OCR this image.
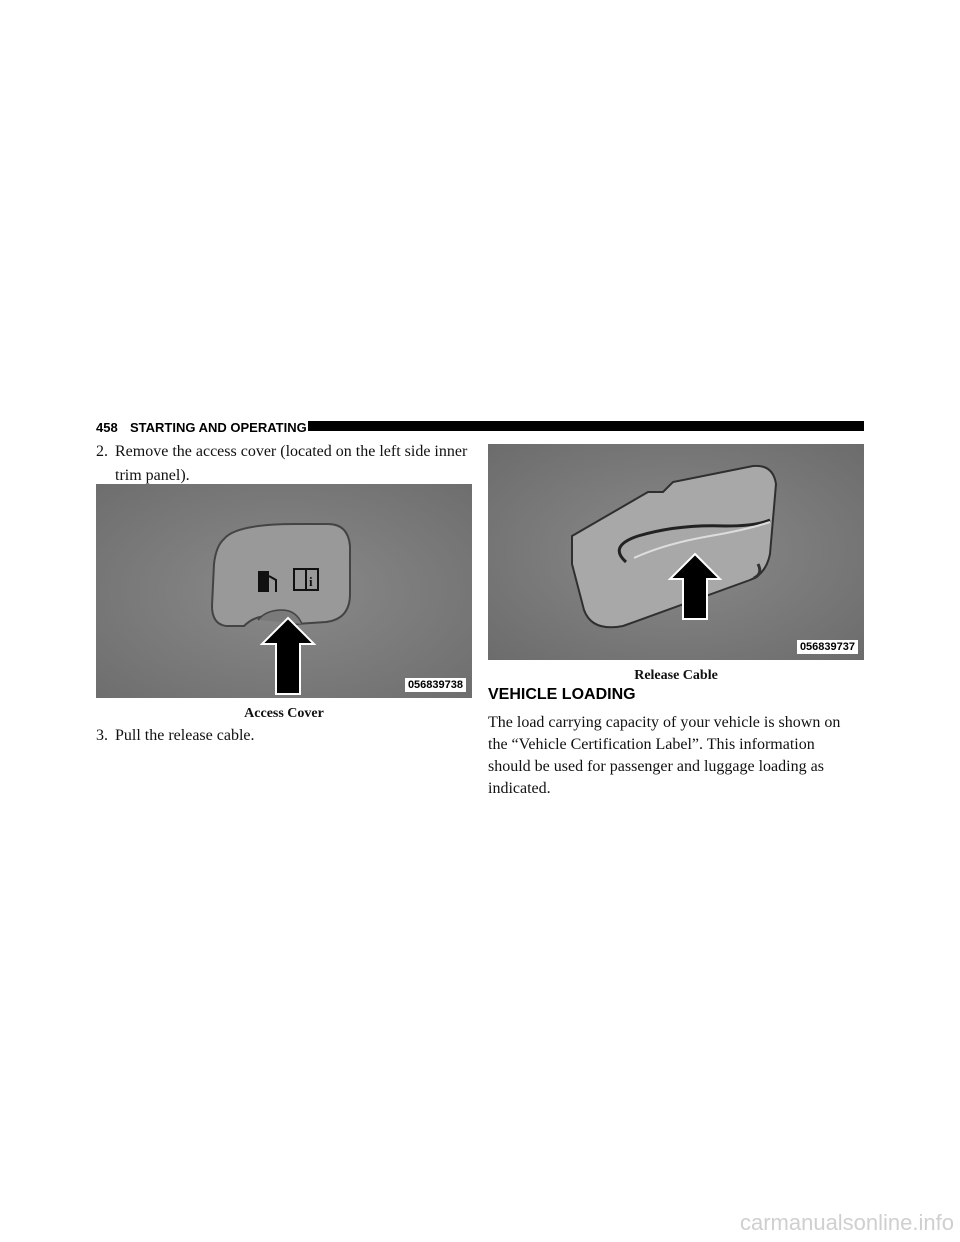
458 STARTING AND OPERATING
2. Remove the access cover (located on the left side inner
trim panel).
i
056839738
Access Cover
3. Pull the release cable.
056839737
Release Cable
VEHICLE LOADING
The load carrying capacity of your vehicle is shown on
the “Vehicle Certification Label”. This information
should be used for passenger and luggage loading as
indicated.
carmanualsonline.info
